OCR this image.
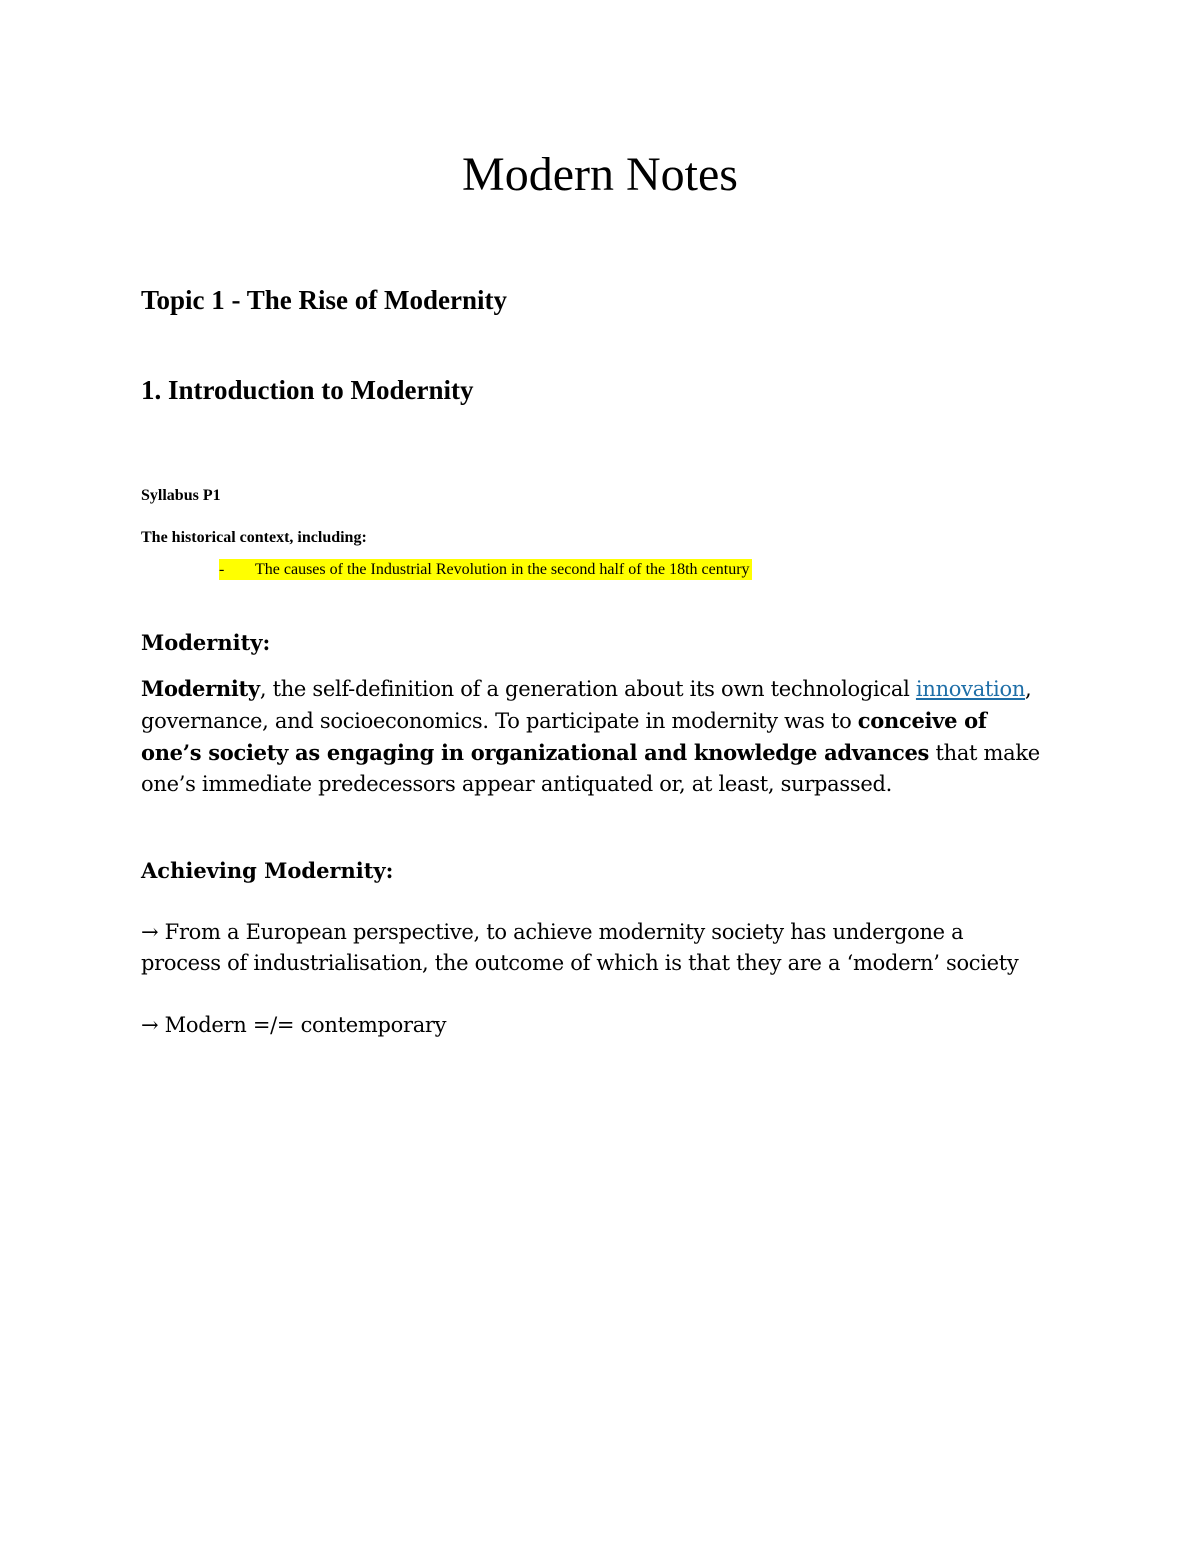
Modern Notes
Topic 1 - The Rise of Modernity
1. Introduction to Modernity

Syllabus P1

The historical context, including:

- The causes of the Industrial Revolution in the second half of the 18th century
Modernity:

Modernity, the self-definition of a generation about its own technological innovation, governance, and socioeconomics. To participate in modernity was to conceive of one’s society as engaging in organizational and knowledge advances that make one’s immediate predecessors appear antiquated or, at least, surpassed.

Achieving Modernity:

→ From a European perspective, to achieve modernity society has undergone a process of industrialisation, the outcome of which is that they are a ‘modern’ society

→ Modern =/= contemporary
